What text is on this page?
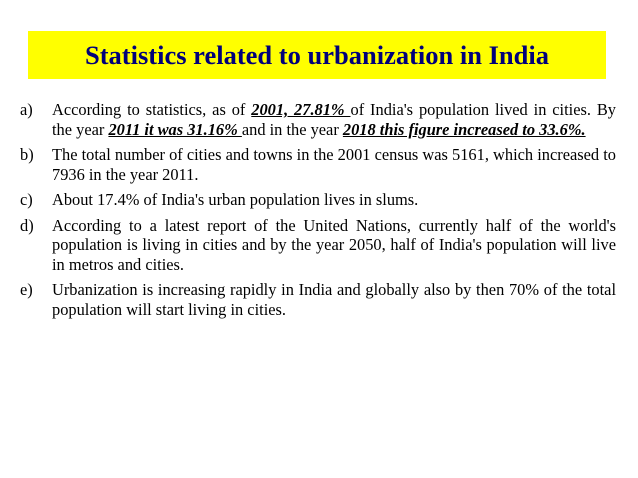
Statistics related to urbanization in India
a)	According to statistics, as of 2001, 27.81% of India's population lived in cities. By the year 2011 it was 31.16% and in the year 2018 this figure increased to 33.6%.
b)	The total number of cities and towns in the 2001 census was 5161, which increased to 7936 in the year 2011.
c)	About 17.4% of India's urban population lives in slums.
d)	According to a latest report of the United Nations, currently half of the world's population is living in cities and by the year 2050, half of India's population will live in metros and cities.
e)	Urbanization is increasing rapidly in India and globally also by then 70% of the total population will start living in cities.
